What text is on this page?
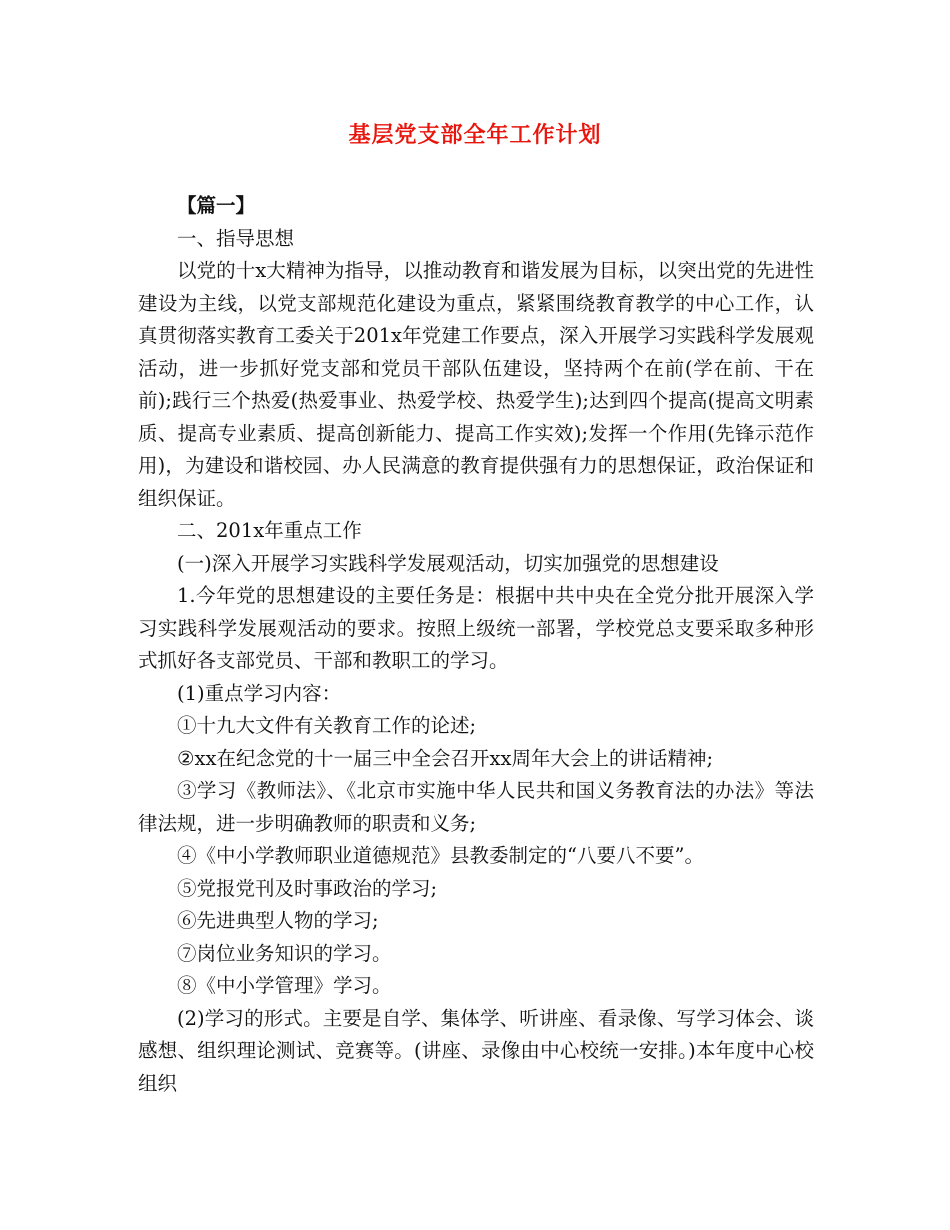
基层党支部全年工作计划

【篇一】

一、指导思想

以党的十x大精神为指导，以推动教育和谐发展为目标，以突出党的先进性建设为主线，以党支部规范化建设为重点，紧紧围绕教育教学的中心工作，认真贯彻落实教育工委关于201x年党建工作要点，深入开展学习实践科学发展观活动，进一步抓好党支部和党员干部队伍建设，坚持两个在前(学在前、干在前);践行三个热爱(热爱事业、热爱学校、热爱学生);达到四个提高(提高文明素质、提高专业素质、提高创新能力、提高工作实效);发挥一个作用(先锋示范作用)，为建设和谐校园、办人民满意的教育提供强有力的思想保证，政治保证和组织保证。

二、201x年重点工作

(一)深入开展学习实践科学发展观活动，切实加强党的思想建设

1.今年党的思想建设的主要任务是：根据中共中央在全党分批开展深入学习实践科学发展观活动的要求。按照上级统一部署，学校党总支要采取多种形式抓好各支部党员、干部和教职工的学习。

(1)重点学习内容：

①十九大文件有关教育工作的论述;

②xx在纪念党的十一届三中全会召开xx周年大会上的讲话精神;

③学习《教师法》、《北京市实施中华人民共和国义务教育法的办法》等法律法规，进一步明确教师的职责和义务;

④《中小学教师职业道德规范》县教委制定的“八要八不要”。

⑤党报党刊及时事政治的学习;

⑥先进典型人物的学习;

⑦岗位业务知识的学习。

⑧《中小学管理》学习。

(2)学习的形式。主要是自学、集体学、听讲座、看录像、写学习体会、谈感想、组织理论测试、竞赛等。(讲座、录像由中心校统一安排。)本年度中心校组织
